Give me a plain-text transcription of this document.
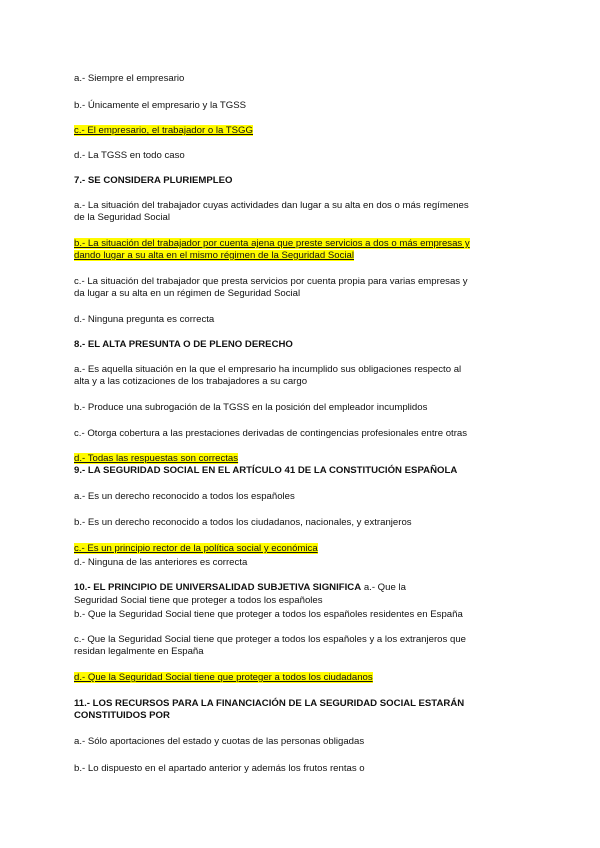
a.- Siempre el empresario
b.- Únicamente el empresario y la TGSS
c.- El empresario, el trabajador o la TSGG
d.- La TGSS en todo caso
7.- SE CONSIDERA PLURIEMPLEO
a.- La situación del trabajador cuyas actividades dan lugar a su alta en dos o más regímenes
de la Seguridad Social
b.- La situación del trabajador por cuenta ajena que preste servicios a dos o más empresas y
dando lugar a su alta en el mismo régimen de la Seguridad Social
c.- La situación del trabajador que presta servicios por cuenta propia para varias empresas y
da lugar a su alta en un régimen de Seguridad Social
d.- Ninguna pregunta es correcta
8.- EL ALTA PRESUNTA O DE PLENO DERECHO
a.- Es aquella situación en la que el empresario ha incumplido sus obligaciones respecto al
alta y a las cotizaciones de los trabajadores a su cargo
b.- Produce una subrogación de la TGSS en la posición del empleador incumplidos
c.- Otorga cobertura a las prestaciones derivadas de contingencias profesionales entre otras
d.- Todas las respuestas son correctas
9.- LA SEGURIDAD SOCIAL EN EL ARTÍCULO 41 DE LA CONSTITUCIÓN ESPAÑOLA
a.- Es un derecho reconocido a todos los españoles
b.- Es un derecho reconocido a todos los ciudadanos, nacionales, y extranjeros
c.- Es un principio rector de la política social y económica
d.- Ninguna de las anteriores es correcta
10.- EL PRINCIPIO DE UNIVERSALIDAD SUBJETIVA SIGNIFICA a.- Que la
Seguridad Social tiene que proteger a todos los españoles
b.- Que la Seguridad Social tiene que proteger a todos los españoles residentes en España
c.- Que la Seguridad Social tiene que proteger a todos los españoles y a los extranjeros que
residan legalmente en España
d.- Que la Seguridad Social tiene que proteger a todos los ciudadanos
11.- LOS RECURSOS PARA LA FINANCIACIÓN DE LA SEGURIDAD SOCIAL ESTARÁN
CONSTITUIDOS POR
a.- Sólo aportaciones del estado y cuotas de las personas obligadas
b.- Lo dispuesto en el apartado anterior y además los frutos rentas o
